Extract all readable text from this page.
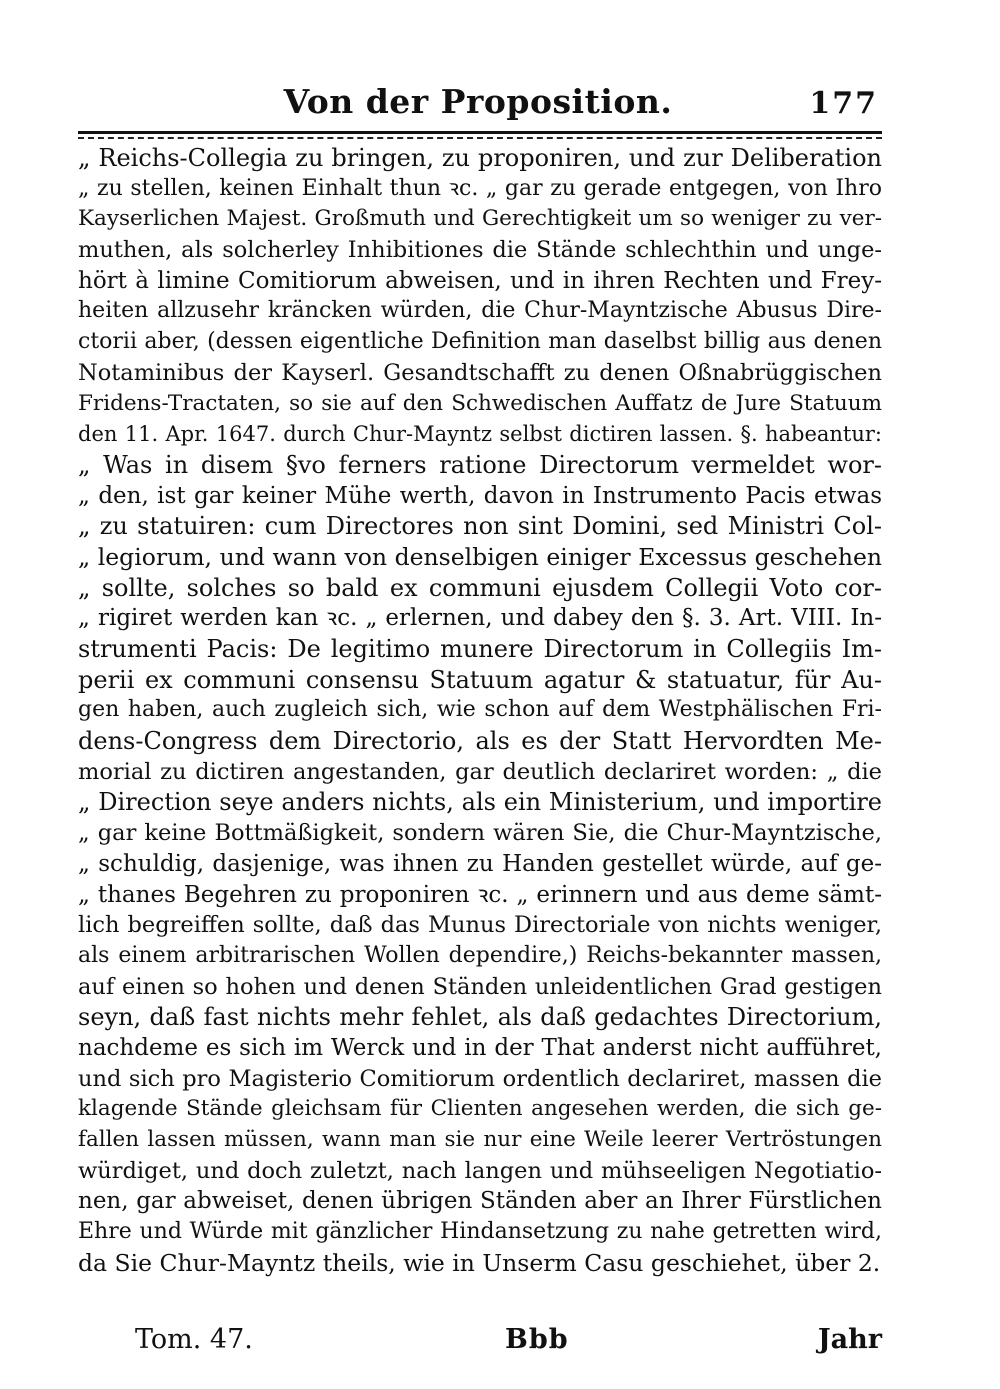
Von der Proposition.	177
„ Reichs-Collegia zu bringen, zu proponiren, und zur Deliberation
„ zu stellen, keinen Einhalt thun ꝛc. „ gar zu gerade entgegen, von Ihro
Kayserlichen Majest. Großmuth und Gerechtigkeit um so weniger zu ver-
muthen, als solcherley Inhibitiones die Stände schlechthin und unge-
hört à limine Comitiorum abweisen, und in ihren Rechten und Frey-
heiten allzusehr kräncken würden, die Chur-Mayntzische Abusus Dire-
ctorii aber, (dessen eigentliche Definition man daselbst billig aus denen
Notaminibus der Kayserl. Gesandtschafft zu denen Oßnabrüggischen
Fridens-Tractaten, so sie auf den Schwedischen Auffatz de Jure Statuum
den 11. Apr. 1647. durch Chur-Mayntz selbst dictiren lassen. §. habeantur:
„ Was in disem §vo ferners ratione Directorum vermeldet wor-
„ den, ist gar keiner Mühe werth, davon in Instrumento Pacis etwas
„ zu statuiren: cum Directores non sint Domini, sed Ministri Col-
„ legiorum, und wann von denselbigen einiger Excessus geschehen
„ sollte, solches so bald ex communi ejusdem Collegii Voto cor-
„ rigiret werden kan ꝛc. „ erlernen, und dabey den §. 3. Art. VIII. In-
strumenti Pacis: De legitimo munere Directorum in Collegiis Im-
perii ex communi consensu Statuum agatur & statuatur, für Au-
gen haben, auch zugleich sich, wie schon auf dem Westphälischen Fri-
dens-Congress dem Directorio, als es der Statt Hervordten Me-
morial zu dictiren angestanden, gar deutlich declariret worden: „ die
„ Direction seye anders nichts, als ein Ministerium, und importire
„ gar keine Bottmäßigkeit, sondern wären Sie, die Chur-Mayntzische,
„ schuldig, dasjenige, was ihnen zu Handen gestellet würde, auf ge-
„ thanes Begehren zu proponiren ꝛc. „ erinnern und aus deme sämt-
lich begreiffen sollte, daß das Munus Directoriale von nichts weniger,
als einem arbitrarischen Wollen dependire,) Reichs-bekannter massen,
auf einen so hohen und denen Ständen unleidentlichen Grad gestigen
seyn, daß fast nichts mehr fehlet, als daß gedachtes Directorium,
nachdeme es sich im Werck und in der That anderst nicht aufführet,
und sich pro Magisterio Comitiorum ordentlich declariret, massen die
klagende Stände gleichsam für Clienten angesehen werden, die sich ge-
fallen lassen müssen, wann man sie nur eine Weile leerer Vertröstungen
würdiget, und doch zuletzt, nach langen und mühseeligen Negotiatio-
nen, gar abweiset, denen übrigen Ständen aber an Ihrer Fürstlichen
Ehre und Würde mit gänzlicher Hindansetzung zu nahe getretten wird,
da Sie Chur-Mayntz theils, wie in Unserm Casu geschiehet, über 2.
Tom. 47.	Bbb	Jahr
